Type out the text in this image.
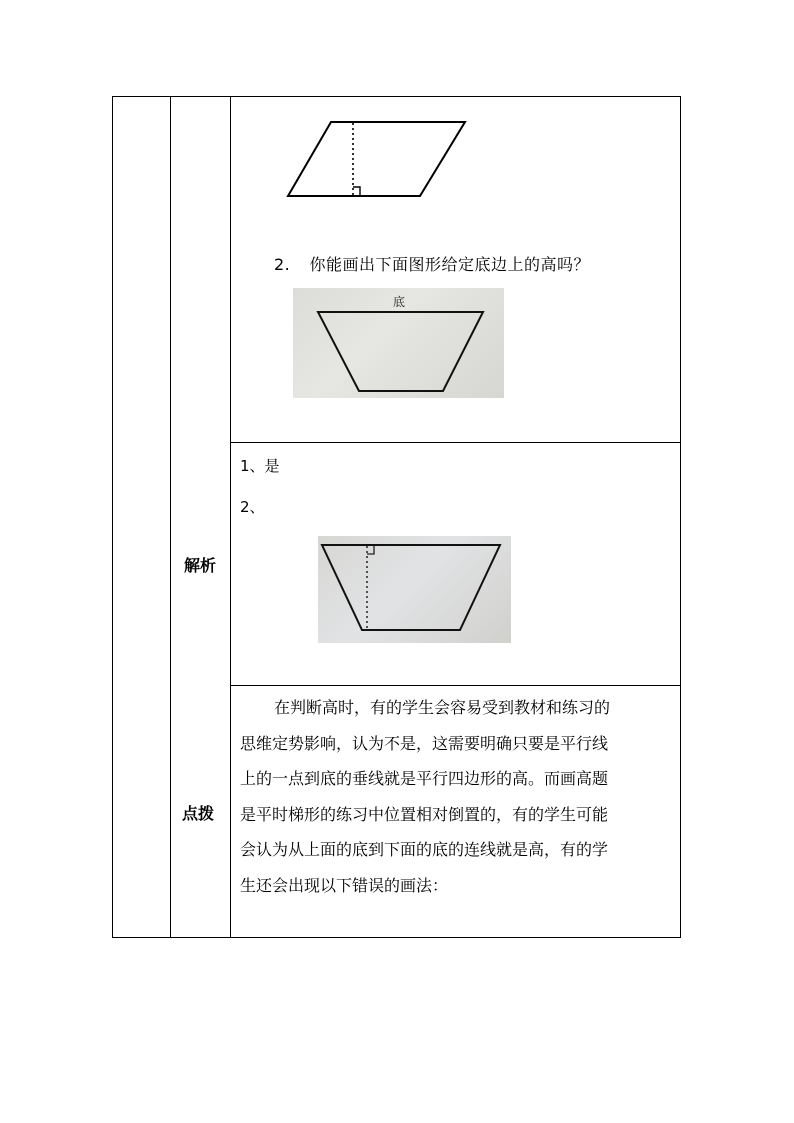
2. 你能画出下面图形给定底边上的高吗？
底
解析
1、是
2、
点拨
在判断高时，有的学生会容易受到教材和练习的
思维定势影响，认为不是，这需要明确只要是平行线
上的一点到底的垂线就是平行四边形的高。而画高题
是平时梯形的练习中位置相对倒置的，有的学生可能
会认为从上面的底到下面的底的连线就是高，有的学
生还会出现以下错误的画法：
